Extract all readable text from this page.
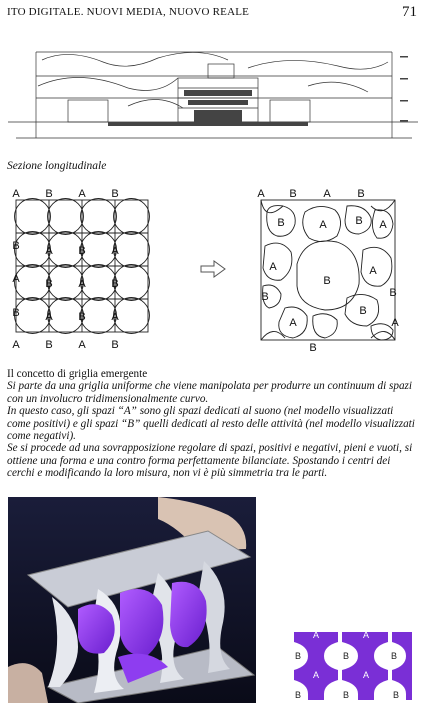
ITO DIGITALE. NUOVI MEDIA, NUOVO REALE	71
Sezione longitudinale
A B A B
B
A
B
A B A B
A B A
B A B
A B A
A B A B
B	A	B A
A
B
A
B
B
A
B
A
B

Il concetto di griglia emergente

Si parte da una griglia uniforme che viene manipolata per produrre un continuum di spazi con un involucro tridimensionalmente curvo.

In questo caso, gli spazi “A” sono gli spazi dedicati al suono (nel modello visualizzati come positivi) e gli spazi “B” quelli dedicati al resto delle attività (nel modello visualizzati come negativi).

Se si procede ad una sovrapposizione regolare di spazi, positivi e negativi, pieni e vuoti, si ottiene una forma e una contro forma perfettamente bilanciate. Spostando i centri dei cerchi e modificando la loro misura, non vi è più simmetria tra le parti.

A	A
B	B	B
A	A
B	B	B
